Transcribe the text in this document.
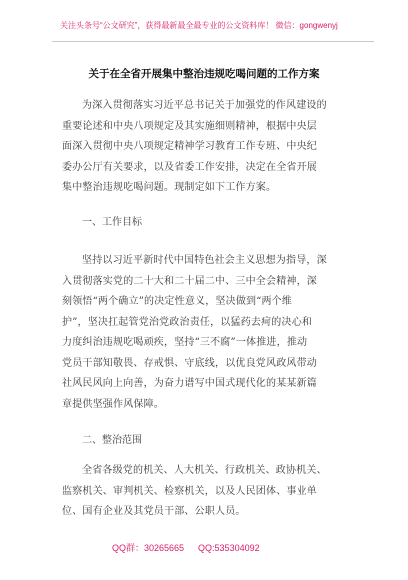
关注头条号“公文研究”，获得最新最全最专业的公文资料库！ 微信：gongwenyj
关于在全省开展集中整治违规吃喝问题的工作方案
为深入贯彻落实习近平总书记关于加强党的作风建设的
重要论述和中央八项规定及其实施细则精神，根据中央层
面深入贯彻中央八项规定精神学习教育工作专班、中央纪
委办公厅有关要求，以及省委工作安排，决定在全省开展
集中整治违规吃喝问题。现制定如下工作方案。
一、工作目标
坚持以习近平新时代中国特色社会主义思想为指导，深
入贯彻落实党的二十大和二十届二中、三中全会精神，深
刻领悟“两个确立”的决定性意义，坚决做到“两个维
护”，坚决扛起管党治党政治责任，以猛药去疴的决心和
力度纠治违规吃喝顽疾，坚持“三不腐”一体推进，推动
党员干部知敬畏、存戒惧、守底线，以优良党风政风带动
社风民风向上向善，为奋力谱写中国式现代化的某某新篇
章提供坚强作风保障。
二、整治范围
全省各级党的机关、人大机关、行政机关、政协机关、
监察机关、审判机关、检察机关，以及人民团体、事业单
位、国有企业及其党员干部、公职人员。
QQ群：30265665 QQ:535304092
